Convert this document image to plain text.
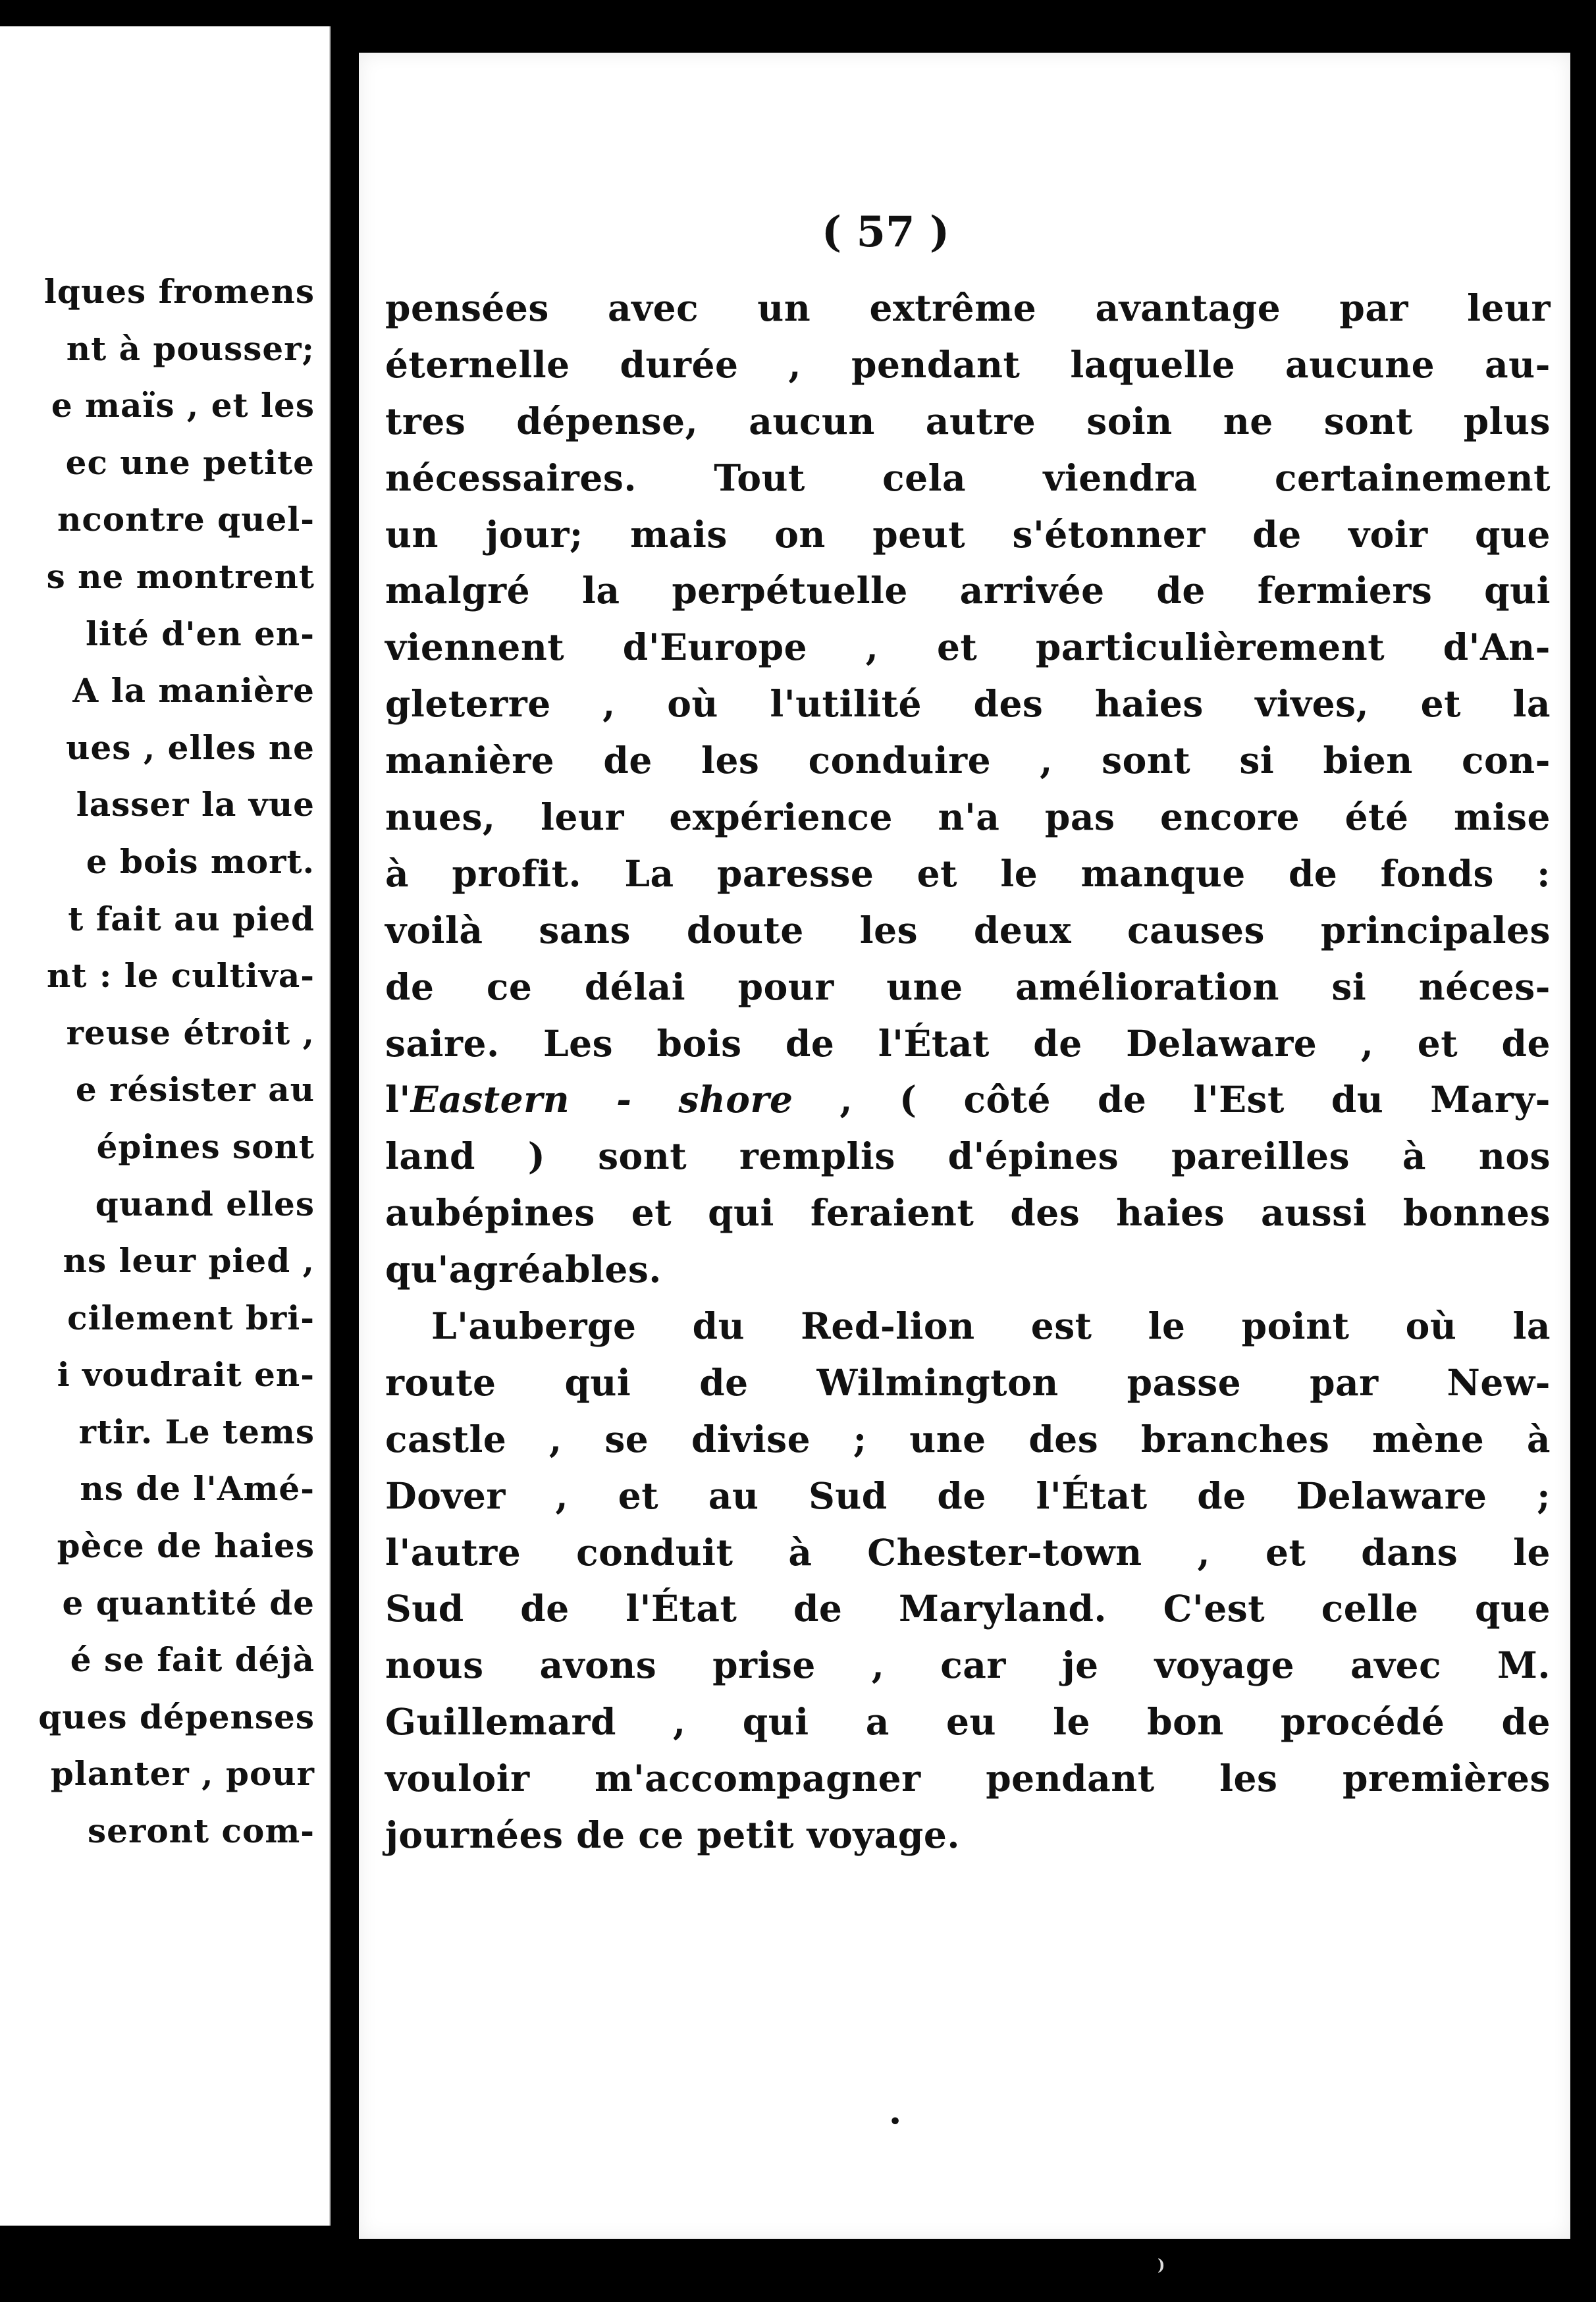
lques fromens
nt à pousser;
e maïs , et les
ec une petite
ncontre quel-
s ne montrent
lité d'en en-
A la manière
ues , elles ne
lasser la vue
e bois mort.
t fait au pied
nt : le cultiva-
reuse étroit ,
e résister au
épines sont
quand elles
ns leur pied ,
cilement bri-
i voudrait en-
rtir. Le tems
ns de l'Amé-
pèce de haies
e quantité de
é se fait déjà
ques dépenses
planter , pour
seront com-
( 57 )
pensées avec un extrême avantage par leur
éternelle durée , pendant laquelle aucune au-
tres dépense, aucun autre soin ne sont plus
nécessaires. Tout cela viendra certainement
un jour; mais on peut s'étonner de voir que
malgré la perpétuelle arrivée de fermiers qui
viennent d'Europe , et particulièrement d'An-
gleterre , où l'utilité des haies vives, et la
manière de les conduire , sont si bien con-
nues, leur expérience n'a pas encore été mise
à profit. La paresse et le manque de fonds :
voilà sans doute les deux causes principales
de ce délai pour une amélioration si néces-
saire. Les bois de l'État de Delaware , et de
l'Eastern - shore , ( côté de l'Est du Mary-
land ) sont remplis d'épines pareilles à nos
aubépines et qui feraient des haies aussi bonnes
qu'agréables.
L'auberge du Red-lion est le point où la
route qui de Wilmington passe par New-
castle , se divise ; une des branches mène à
Dover , et au Sud de l'État de Delaware ;
l'autre conduit à Chester-town , et dans le
Sud de l'État de Maryland. C'est celle que
nous avons prise , car je voyage avec M.
Guillemard , qui a eu le bon procédé de
vouloir m'accompagner pendant les premières
journées de ce petit voyage.
•
)
